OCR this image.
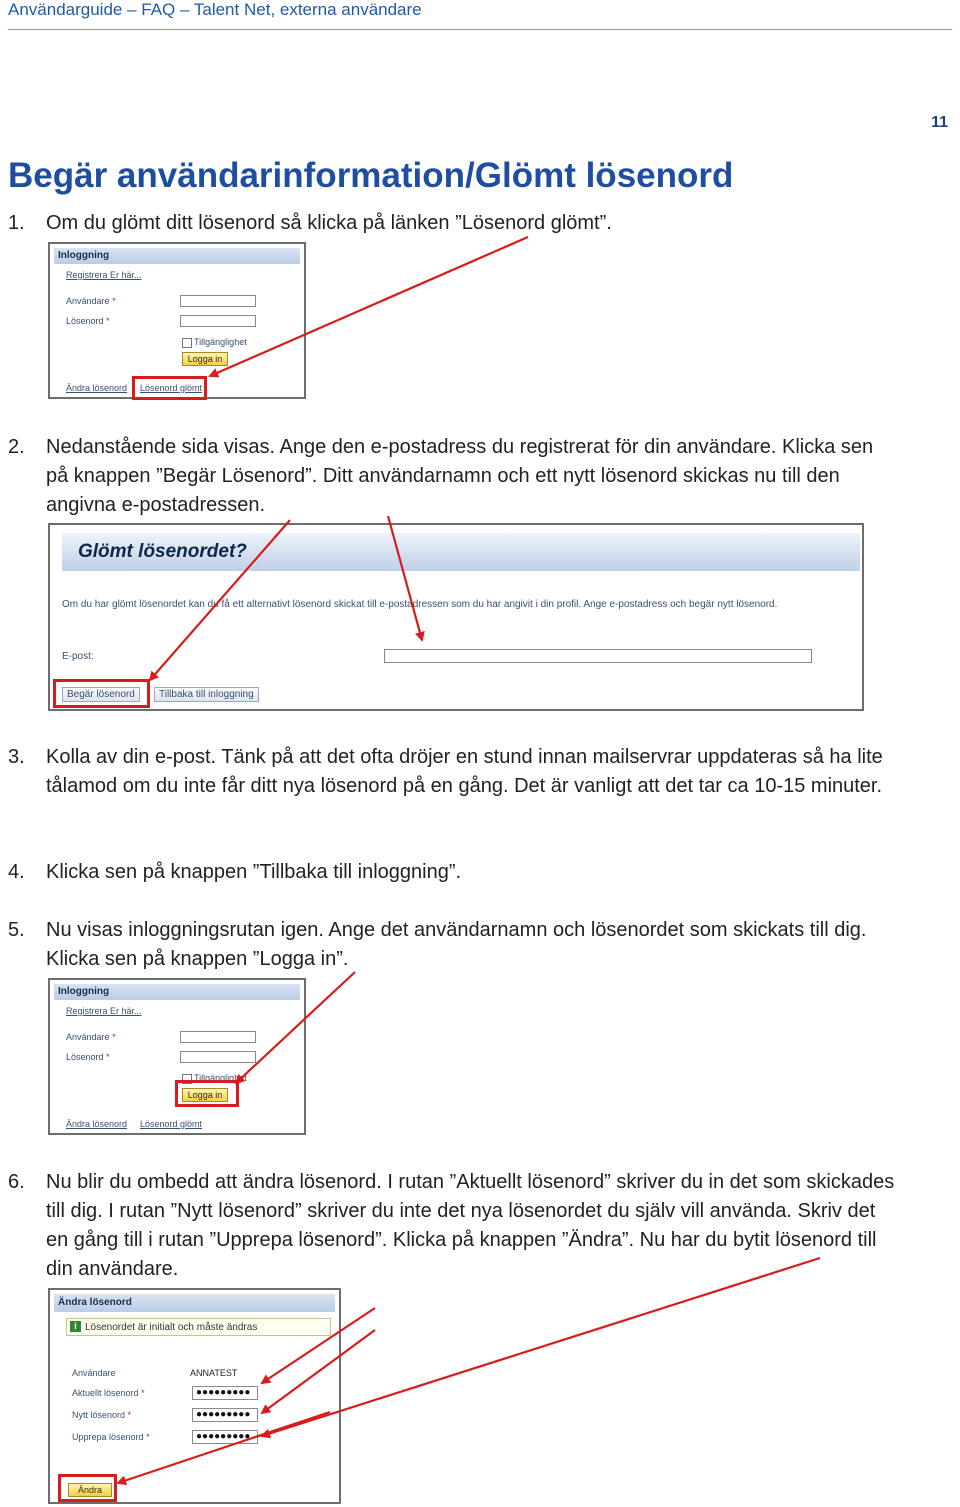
Användarguide – FAQ – Talent Net, externa användare
11
Begär användarinformation/Glömt lösenord
1.	Om du glömt ditt lösenord så klicka på länken ”Lösenord glömt”.
Inloggning
Registrera Er här...
Användare *
Lösenord *
Tillgänglighet
Logga in
Ändra lösenord Lösenord glömt
2.	Nedanstående sida visas. Ange den e-postadress du registrerat för din användare. Klicka sen på knappen ”Begär Lösenord”. Ditt användarnamn och ett nytt lösenord skickas nu till den angivna e-postadressen.
Glömt lösenordet?
Om du har glömt lösenordet kan du få ett alternativt lösenord skickat till e-postadressen som du har angivit i din profil. Ange e-postadress och begär nytt lösenord.
E-post:
Begär lösenord	Tillbaka till inloggning
3.	Kolla av din e-post. Tänk på att det ofta dröjer en stund innan mailservrar uppdateras så ha lite tålamod om du inte får ditt nya lösenord på en gång. Det är vanligt att det tar ca 10-15 minuter.
4.	Klicka sen på knappen ”Tillbaka till inloggning”.
5.	Nu visas inloggningsrutan igen. Ange det användarnamn och lösenordet som skickats till dig. Klicka sen på knappen ”Logga in”.
Inloggning
Registrera Er här...
Användare *
Lösenord *
Tillgänglighet
Logga in
Ändra lösenord Lösenord glömt
6.	Nu blir du ombedd att ändra lösenord. I rutan ”Aktuellt lösenord” skriver du in det som skickades till dig. I rutan ”Nytt lösenord” skriver du inte det nya lösenordet du själv vill använda. Skriv det en gång till i rutan ”Upprepa lösenord”. Klicka på knappen ”Ändra”. Nu har du bytit lösenord till din användare.
Ändra lösenord
i Lösenordet är initialt och måste ändras
Användare	ANNATEST
Aktuellt lösenord *	●●●●●●●●●
Nytt lösenord *	●●●●●●●●●
Upprepa lösenord *	●●●●●●●●●
Ändra
